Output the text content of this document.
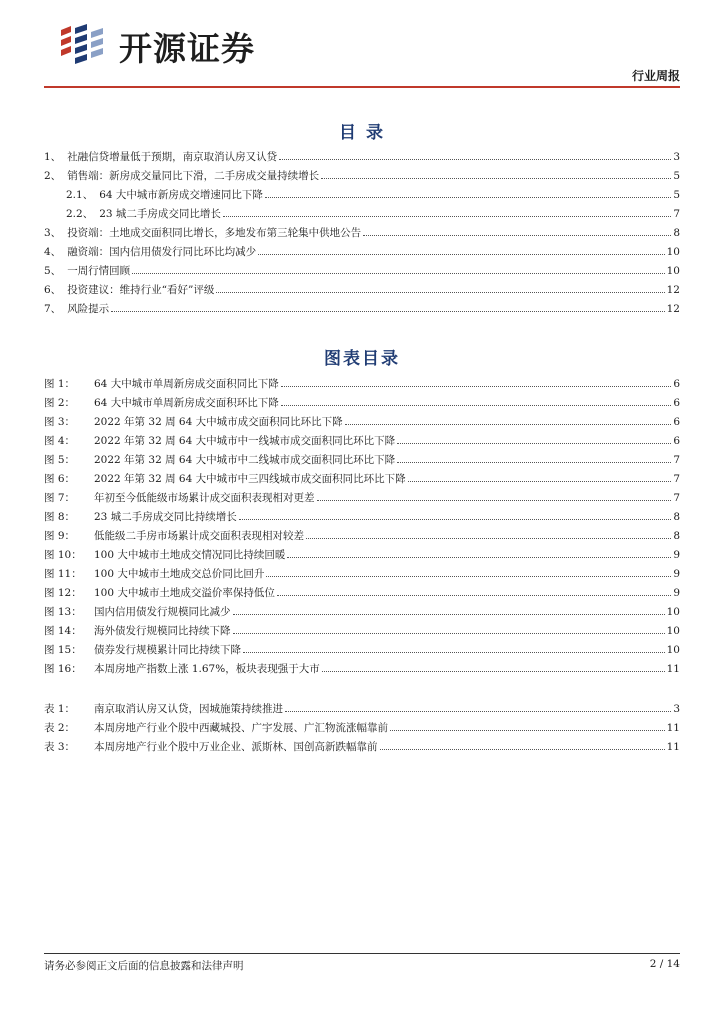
开源证券
行业周报
目 录
1、 社融信贷增量低于预期，南京取消认房又认贷	3
2、 销售端：新房成交量同比下滑，二手房成交量持续增长	5
2.1、 64 大中城市新房成交增速同比下降	5
2.2、 23 城二手房成交同比增长	7
3、 投资端：土地成交面积同比增长，多地发布第三轮集中供地公告	8
4、 融资端：国内信用债发行同比环比均减少	10
5、 一周行情回顾	10
6、 投资建议：维持行业“看好”评级	12
7、 风险提示	12
图表目录
图 1：	64 大中城市单周新房成交面积同比下降	6
图 2：	64 大中城市单周新房成交面积环比下降	6
图 3：	2022 年第 32 周 64 大中城市成交面积同比环比下降	6
图 4：	2022 年第 32 周 64 大中城市中一线城市成交面积同比环比下降	6
图 5：	2022 年第 32 周 64 大中城市中二线城市成交面积同比环比下降	7
图 6：	2022 年第 32 周 64 大中城市中三四线城市成交面积同比环比下降	7
图 7：	年初至今低能级市场累计成交面积表现相对更差	7
图 8：	23 城二手房成交同比持续增长	8
图 9：	低能级二手房市场累计成交面积表现相对较差	8
图 10：	100 大中城市土地成交情况同比持续回暖	9
图 11：	100 大中城市土地成交总价同比回升	9
图 12：	100 大中城市土地成交溢价率保持低位	9
图 13：	国内信用债发行规模同比减少	10
图 14：	海外债发行规模同比持续下降	10
图 15：	债券发行规模累计同比持续下降	10
图 16：	本周房地产指数上涨 1.67%，板块表现强于大市	11
表 1：	南京取消认房又认贷，因城施策持续推进	3
表 2：	本周房地产行业个股中西藏城投、广宇发展、广汇物流涨幅靠前	11
表 3：	本周房地产行业个股中万业企业、派斯林、国创高新跌幅靠前	11
请务必参阅正文后面的信息披露和法律声明	2 / 14
